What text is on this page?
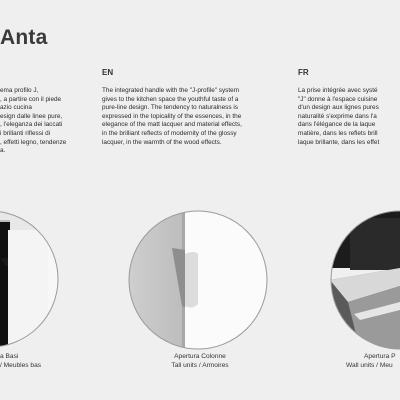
Anta

ema profilo J,

, a partire con il piede

azio cucina

esign dalle linee pure,

, l'eleganza dei laccati

i brillanti riflessi di

, effetti legno, tendenze

a.

EN

The integrated handle with the "J-profile" system

gives to the kitchen space the youthful taste of a

pure-line design. The tendency to naturalness is

expressed in the topicality of the essences, in the

elegance of the matt lacquer and material effects,

in the brilliant reflects of modernity of the glossy

lacquer, in the warmth of the wood effects.

FR

La prise intégrée avec systé

"J" donne à l'espace cuisine

d'un design aux lignes pures

naturalité s'exprime dans l'a

dans l'élégance de la laque

matière, dans les reflets brill

laque brillante, dans les effet

a Basi
/ Meubles bas
Apertura Colonne
Tall units / Armoires
Apertura P
Wall units / Meu
